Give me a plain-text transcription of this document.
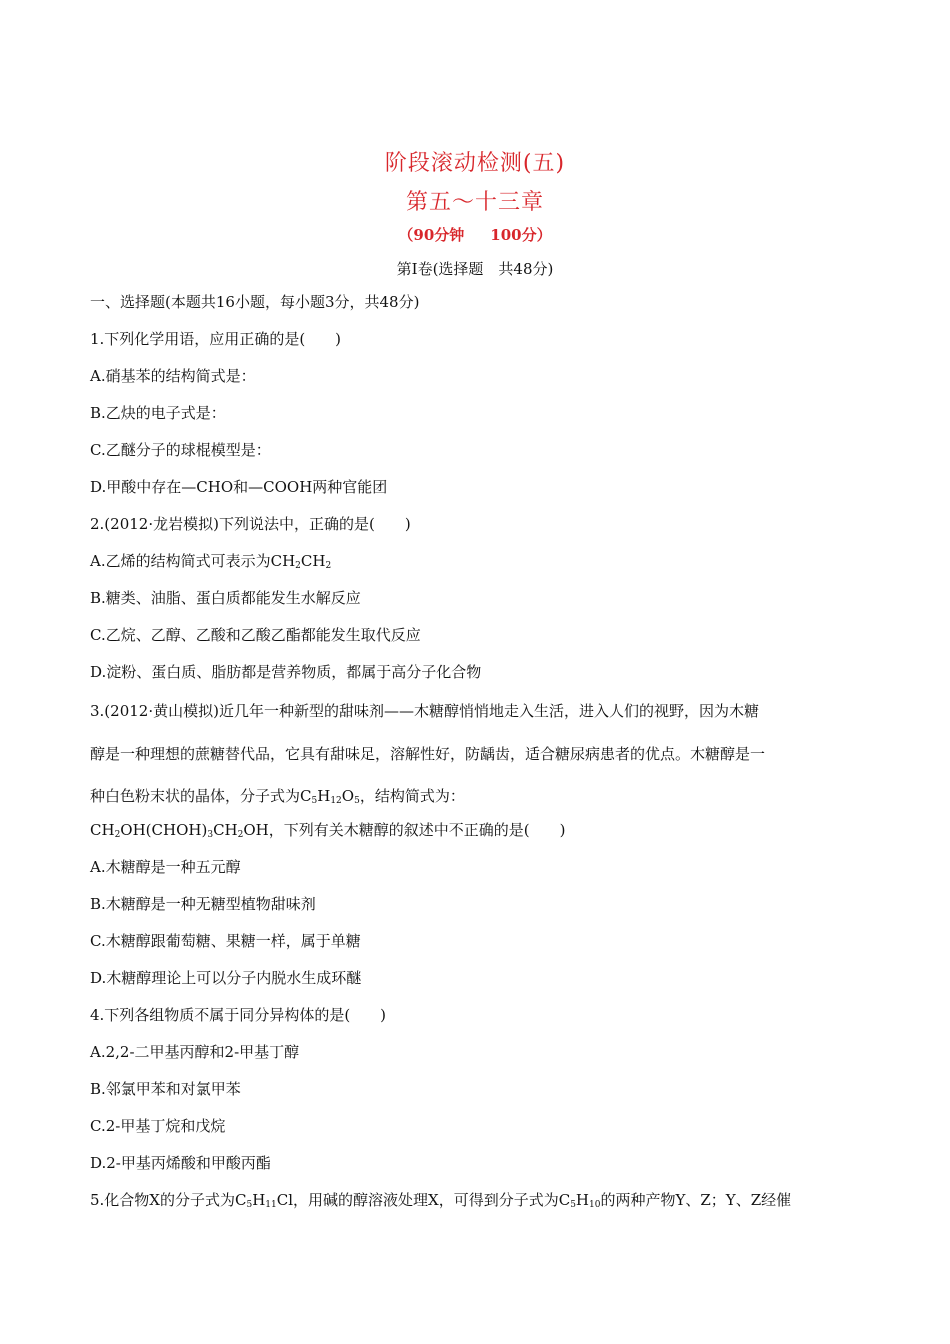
阶段滚动检测(五)
第五～十三章
（90分钟 100分）
第Ⅰ卷(选择题　共48分)
一、选择题(本题共16小题，每小题3分，共48分)
1.下列化学用语，应用正确的是( )
A.硝基苯的结构简式是：
B.乙炔的电子式是：
C.乙醚分子的球棍模型是：
D.甲酸中存在—CHO和—COOH两种官能团
2.(2012·龙岩模拟)下列说法中，正确的是( )
A.乙烯的结构简式可表示为$CH_2CH_2$
B.糖类、油脂、蛋白质都能发生水解反应
C.乙烷、乙醇、乙酸和乙酸乙酯都能发生取代反应
D.淀粉、蛋白质、脂肪都是营养物质，都属于高分子化合物
3.(2012·黄山模拟)近几年一种新型的甜味剂——木糖醇悄悄地走入生活，进入人们的视野，因为木糖
醇是一种理想的蔗糖替代品，它具有甜味足，溶解性好，防龋齿，适合糖尿病患者的优点。木糖醇是一
种白色粉末状的晶体，分子式为$C_5H_{12}O_5$，结构简式为：
$CH_2OH(CHOH)_3CH_2OH$，下列有关木糖醇的叙述中不正确的是( )
A.木糖醇是一种五元醇
B.木糖醇是一种无糖型植物甜味剂
C.木糖醇跟葡萄糖、果糖一样，属于单糖
D.木糖醇理论上可以分子内脱水生成环醚
4.下列各组物质不属于同分异构体的是( )
A.2,2-二甲基丙醇和2-甲基丁醇
B.邻氯甲苯和对氯甲苯
C.2-甲基丁烷和戊烷
D.2-甲基丙烯酸和甲酸丙酯
5.化合物X的分子式为$C_5H_{11}Cl$，用碱的醇溶液处理X，可得到分子式为$C_5H_{10}$的两种产物Y、Z；Y、Z经催
